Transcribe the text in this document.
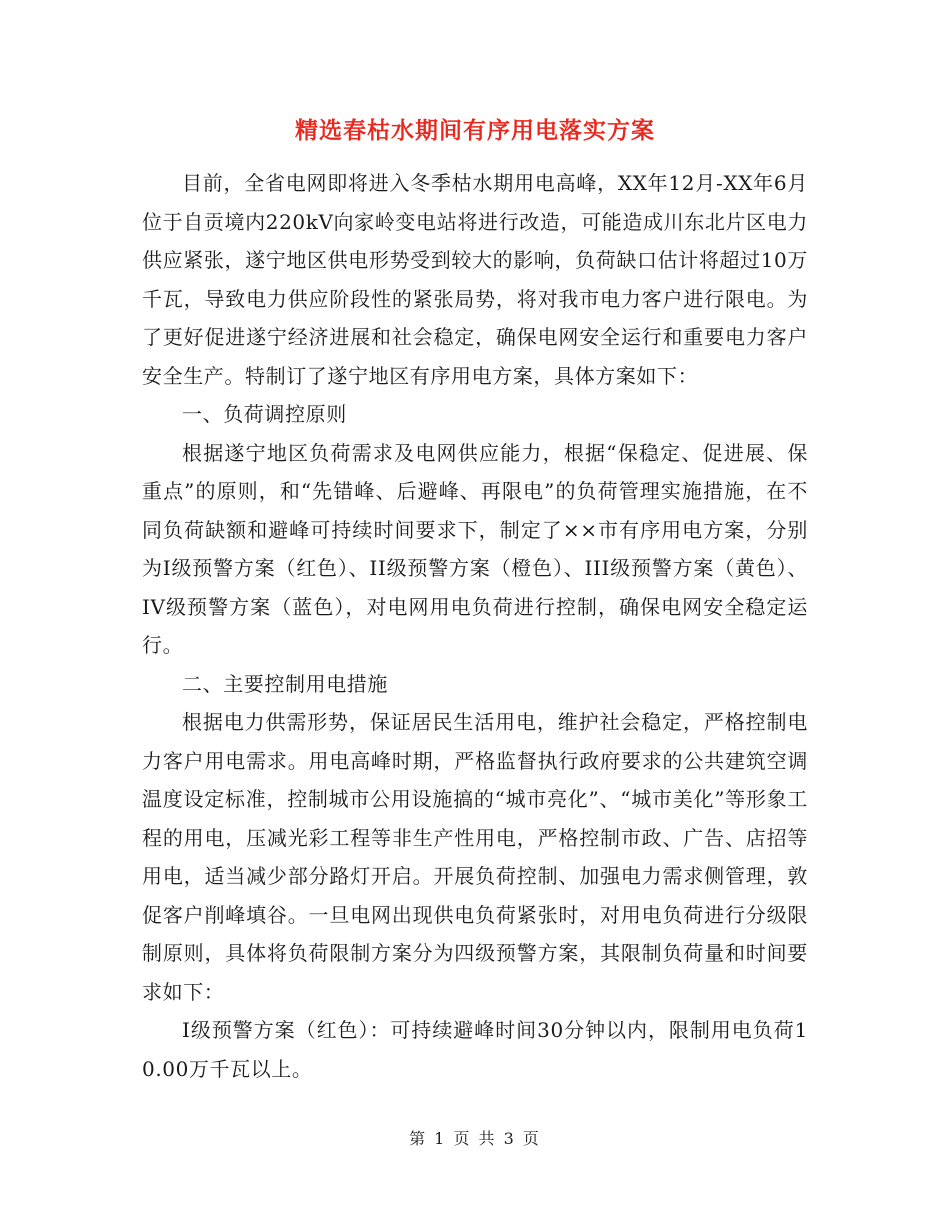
精选春枯水期间有序用电落实方案

目前，全省电网即将进入冬季枯水期用电高峰，XX年12月-XX年6月位于自贡境内220kV向家岭变电站将进行改造，可能造成川东北片区电力供应紧张，遂宁地区供电形势受到较大的影响，负荷缺口估计将超过10万千瓦，导致电力供应阶段性的紧张局势，将对我市电力客户进行限电。为了更好促进遂宁经济进展和社会稳定，确保电网安全运行和重要电力客户安全生产。特制订了遂宁地区有序用电方案，具体方案如下：

一、负荷调控原则

根据遂宁地区负荷需求及电网供应能力，根据“保稳定、促进展、保重点”的原则，和“先错峰、后避峰、再限电”的负荷管理实施措施，在不同负荷缺额和避峰可持续时间要求下，制定了××市有序用电方案，分别为I级预警方案（红色）、II级预警方案（橙色）、III级预警方案（黄色）、IV级预警方案（蓝色），对电网用电负荷进行控制，确保电网安全稳定运行。

二、主要控制用电措施

根据电力供需形势，保证居民生活用电，维护社会稳定，严格控制电力客户用电需求。用电高峰时期，严格监督执行政府要求的公共建筑空调温度设定标准，控制城市公用设施搞的“城市亮化”、“城市美化”等形象工程的用电，压减光彩工程等非生产性用电，严格控制市政、广告、店招等用电，适当减少部分路灯开启。开展负荷控制、加强电力需求侧管理，敦促客户削峰填谷。一旦电网出现供电负荷紧张时，对用电负荷进行分级限制原则，具体将负荷限制方案分为四级预警方案，其限制负荷量和时间要求如下：

I级预警方案（红色）：可持续避峰时间30分钟以内，限制用电负荷10.00万千瓦以上。

第 1 页 共 3 页
